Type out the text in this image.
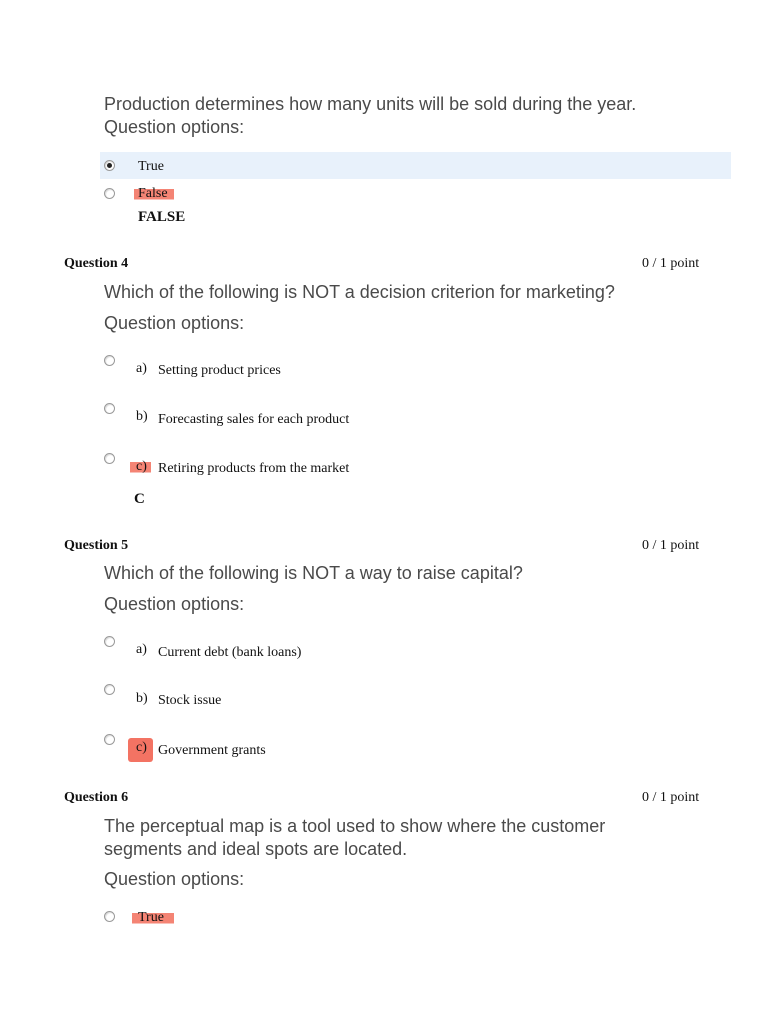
Production determines how many units will be sold during the year.
Question options:
True
False
FALSE
Question 4	0 / 1 point
Which of the following is NOT a decision criterion for marketing?
Question options:
a) Setting product prices
b) Forecasting sales for each product
c) Retiring products from the market
C
Question 5	0 / 1 point
Which of the following is NOT a way to raise capital?
Question options:
a) Current debt (bank loans)
b) Stock issue
c) Government grants
Question 6	0 / 1 point
The perceptual map is a tool used to show where the customer
segments and ideal spots are located.
Question options:
True
